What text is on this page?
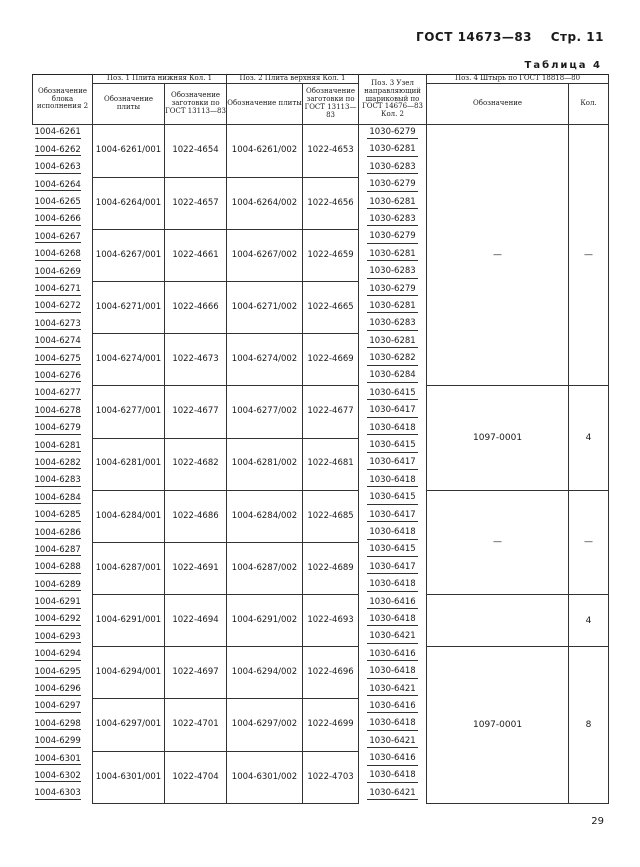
ГОСТ 14673—83 Стр. 11
Таблица 4
Обозначение блока исполнения 2	Поз. 1 Плита нижняя Кол. 1		Поз. 2 Плита верхняя Кол. 1		Поз. 3 Узел направляющий шариковый по ГОСТ 14676—83 Кол. 2	Поз. 4 Штырь по ГОСТ 18818—80	
	Обозначение плиты	Обозначение заготовки по ГОСТ 13113—83	Обозначение плиты	Обозначение заготовки по ГОСТ 13113—83		Обозначение	Кол.
1004-6261	1004-6261/001	1022-4654	1004-6261/002	1022-4653	1030-6279	—	—
1004-6262					1030-6281		
1004-6263					1030-6283		
1004-6264	1004-6264/001	1022-4657	1004-6264/002	1022-4656	1030-6279		
1004-6265					1030-6281		
1004-6266					1030-6283		
1004-6267	1004-6267/001	1022-4661	1004-6267/002	1022-4659	1030-6279		
1004-6268					1030-6281		
1004-6269					1030-6283		
1004-6271	1004-6271/001	1022-4666	1004-6271/002	1022-4665	1030-6279		
1004-6272					1030-6281		
1004-6273					1030-6283		
1004-6274	1004-6274/001	1022-4673	1004-6274/002	1022-4669	1030-6281		
1004-6275					1030-6282		
1004-6276					1030-6284		
1004-6277	1004-6277/001	1022-4677	1004-6277/002	1022-4677	1030-6415	1097-0001	4
1004-6278					1030-6417		
1004-6279					1030-6418		
1004-6281	1004-6281/001	1022-4682	1004-6281/002	1022-4681	1030-6415		
1004-6282					1030-6417		
1004-6283					1030-6418		
1004-6284	1004-6284/001	1022-4686	1004-6284/002	1022-4685	1030-6415	—	—
1004-6285					1030-6417		
1004-6286					1030-6418		
1004-6287	1004-6287/001	1022-4691	1004-6287/002	1022-4689	1030-6415		
1004-6288					1030-6417		
1004-6289					1030-6418		
1004-6291	1004-6291/001	1022-4694	1004-6291/002	1022-4693	1030-6416		4
1004-6292					1030-6418		
1004-6293					1030-6421		
1004-6294	1004-6294/001	1022-4697	1004-6294/002	1022-4696	1030-6416	1097-0001	8
1004-6295					1030-6418		
1004-6296					1030-6421		
1004-6297	1004-6297/001	1022-4701	1004-6297/002	1022-4699	1030-6416		
1004-6298					1030-6418		
1004-6299					1030-6421		
1004-6301	1004-6301/001	1022-4704	1004-6301/002	1022-4703	1030-6416		
1004-6302					1030-6418		
1004-6303					1030-6421		
29
